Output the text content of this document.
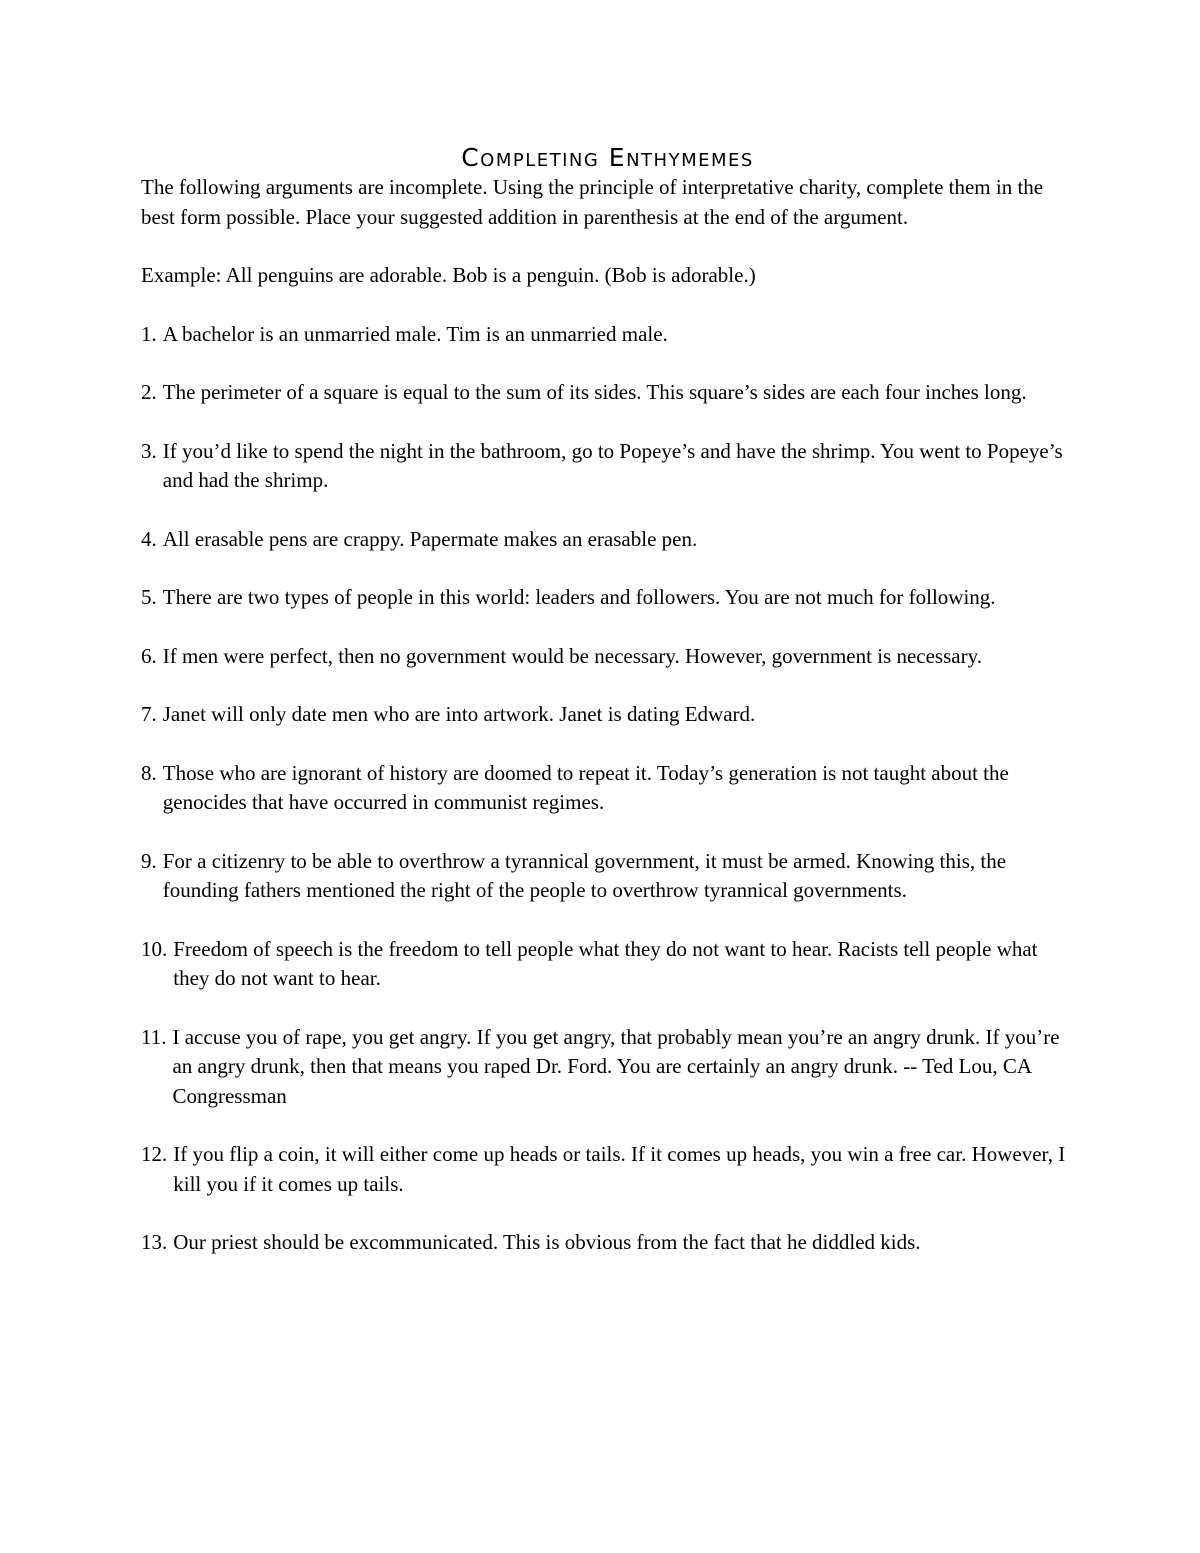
Completing Enthymemes

The following arguments are incomplete. Using the principle of interpretative charity, complete them in the best form possible. Place your suggested addition in parenthesis at the end of the argument.

Example: All penguins are adorable. Bob is a penguin. (Bob is adorable.)

1. A bachelor is an unmarried male. Tim is an unmarried male.
2. The perimeter of a square is equal to the sum of its sides. This square’s sides are each four inches long.
3. If you’d like to spend the night in the bathroom, go to Popeye’s and have the shrimp. You went to Popeye’s and had the shrimp.
4. All erasable pens are crappy. Papermate makes an erasable pen.
5. There are two types of people in this world: leaders and followers. You are not much for following.
6. If men were perfect, then no government would be necessary. However, government is necessary.
7. Janet will only date men who are into artwork. Janet is dating Edward.
8. Those who are ignorant of history are doomed to repeat it. Today’s generation is not taught about the genocides that have occurred in communist regimes.
9. For a citizenry to be able to overthrow a tyrannical government, it must be armed. Knowing this, the founding fathers mentioned the right of the people to overthrow tyrannical governments.
10. Freedom of speech is the freedom to tell people what they do not want to hear. Racists tell people what they do not want to hear.
11. I accuse you of rape, you get angry. If you get angry, that probably mean you’re an angry drunk. If you’re an angry drunk, then that means you raped Dr. Ford. You are certainly an angry drunk. -- Ted Lou, CA Congressman
12. If you flip a coin, it will either come up heads or tails. If it comes up heads, you win a free car. However, I kill you if it comes up tails.
13. Our priest should be excommunicated. This is obvious from the fact that he diddled kids.
